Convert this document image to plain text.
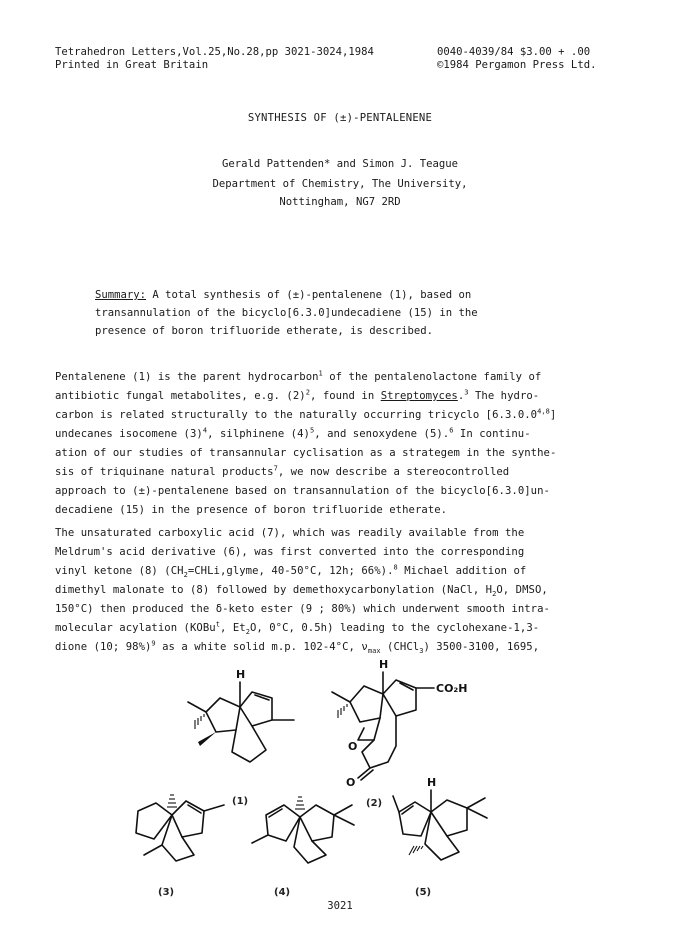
Tetrahedron Letters,Vol.25,No.28,pp 3021-3024,1984
Printed in Great Britain
0040-4039/84 $3.00 + .00
©1984 Pergamon Press Ltd.
SYNTHESIS OF (±)-PENTALENENE
Gerald Pattenden* and Simon J. Teague
Department of Chemistry, The University,
Nottingham, NG7 2RD
Summary: A total synthesis of (±)-pentalenene (1), based on
transannulation of the bicyclo[6.3.0]undecadiene (15) in the
presence of boron trifluoride etherate, is described.
Pentalenene (1) is the parent hydrocarbon$^1$ of the pentalenolactone family of
antibiotic fungal metabolites, e.g. $(2)^2$, found in Streptomyces.$^3$ The hydro-
carbon is related structurally to the naturally occurring tricyclo [6.3.0.0$^{4,8}$]
undecanes isocomene $(3)^4$, silphinene $(4)^5$, and senoxydene (5).$^6$ In continu-
ation of our studies of transannular cyclisation as a strategem in the synthe-
sis of triquinane natural products$^7$, we now describe a stereocontrolled
approach to (±)-pentalenene based on transannulation of the bicyclo[6.3.0]un-
decadiene (15) in the presence of boron trifluoride etherate.
The unsaturated carboxylic acid (7), which was readily available from the
Meldrum's acid derivative (6), was first converted into the corresponding
vinyl ketone (8) ($CH_2=CHLi,glyme$, 40-50°C, 12h; 66%).$^8$ Michael addition of
dimethyl malonate to (8) followed by demethoxycarbonylation (NaCl, $H_2O$, DMSO,
150°C) then produced the δ-keto ester (9 ; 80%) which underwent smooth intra-
molecular acylation (KOBu$^t$, $Et_2O$, 0°C, 0.5h) leading to the cyclohexane-1,3-
dione (10; 98%)$^9$ as a white solid m.p. 102-4°C, $\nu_{max}$ (CHCl$_3$) 3500-3100, 1695,
H
(1)
H
CO₂H
O
O
(2)
(3)	(4)
H
(5)
3021
